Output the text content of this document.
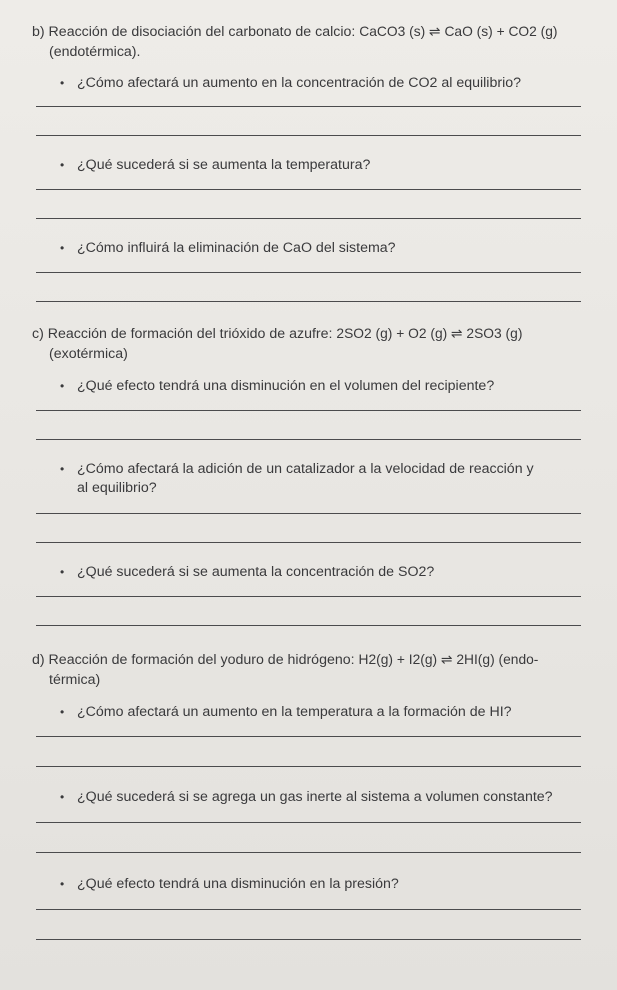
b) Reacción de disociación del carbonato de calcio: CaCO3 (s) ⇌ CaO (s) + CO2 (g)

(endotérmica).

• ¿Cómo afectará un aumento en la concentración de CO2 al equilibrio?

• ¿Qué sucederá si se aumenta la temperatura?

• ¿Cómo influirá la eliminación de CaO del sistema?

c) Reacción de formación del trióxido de azufre: 2SO2 (g) + O2 (g) ⇌ 2SO3 (g)

(exotérmica)

• ¿Qué efecto tendrá una disminución en el volumen del recipiente?

• ¿Cómo afectará la adición de un catalizador a la velocidad de reacción y

al equilibrio?

• ¿Qué sucederá si se aumenta la concentración de SO2?

d) Reacción de formación del yoduro de hidrógeno: H2(g) + I2(g) ⇌ 2HI(g) (endo-

térmica)

• ¿Cómo afectará un aumento en la temperatura a la formación de HI?

• ¿Qué sucederá si se agrega un gas inerte al sistema a volumen constante?

• ¿Qué efecto tendrá una disminución en la presión?
